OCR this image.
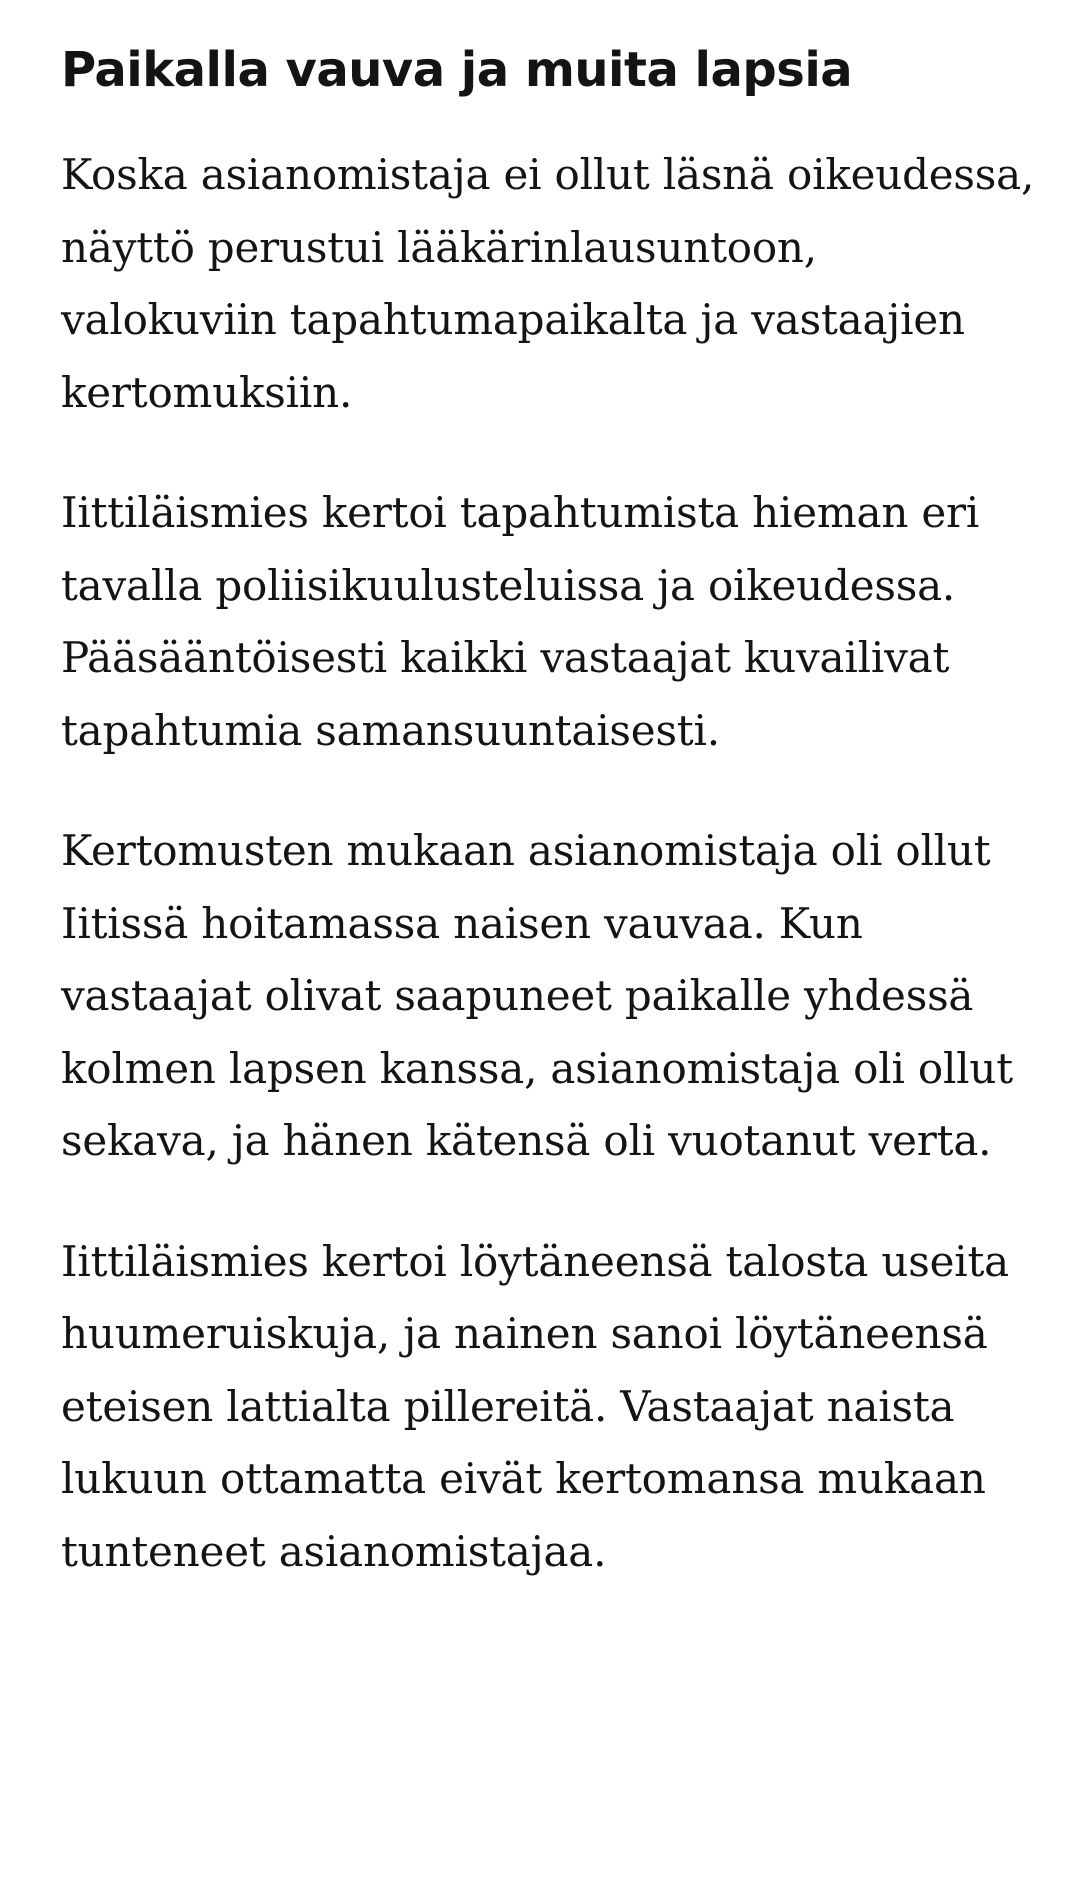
Paikalla vauva ja muita lapsia

Koska asianomistaja ei ollut läsnä oikeudessa, näyttö perustui lääkärinlausuntoon, valokuviin tapahtumapaikalta ja vastaajien kertomuksiin.

Iittiläismies kertoi tapahtumista hieman eri tavalla poliisikuulusteluissa ja oikeudessa. Pääsääntöisesti kaikki vastaajat kuvailivat tapahtumia samansuuntaisesti.

Kertomusten mukaan asianomistaja oli ollut Iitissä hoitamassa naisen vauvaa. Kun vastaajat olivat saapuneet paikalle yhdessä kolmen lapsen kanssa, asianomistaja oli ollut sekava, ja hänen kätensä oli vuotanut verta.

Iittiläismies kertoi löytäneensä talosta useita huumeruiskuja, ja nainen sanoi löytäneensä eteisen lattialta pillereitä. Vastaajat naista lukuun ottamatta eivät kertomansa mukaan tunteneet asianomistajaa.
